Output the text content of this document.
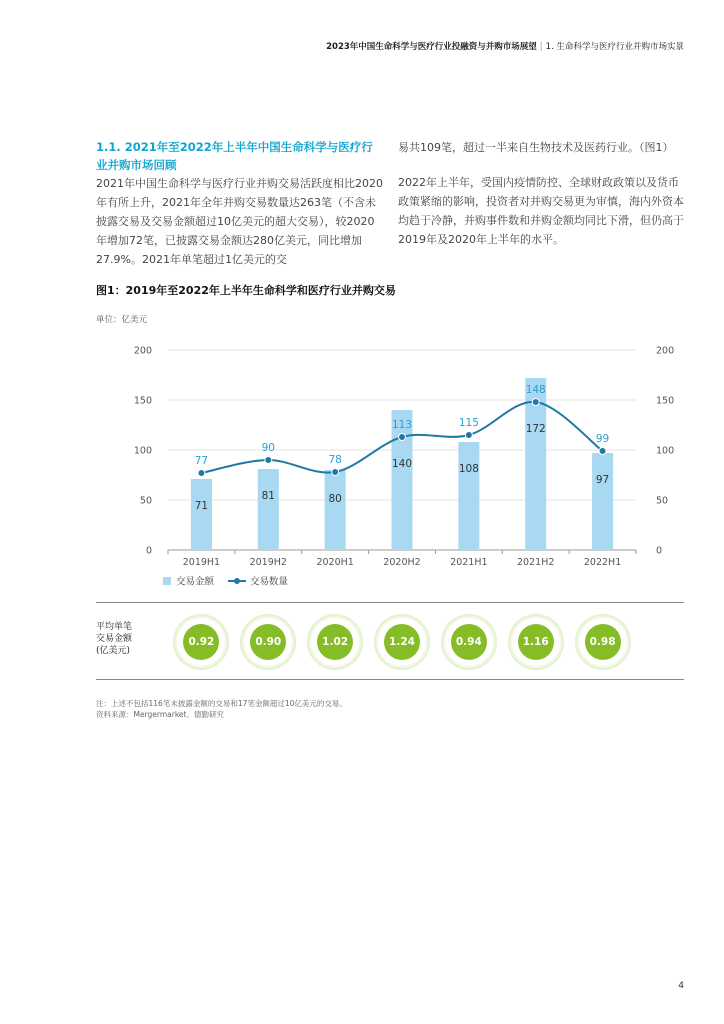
2023年中国生命科学与医疗行业投融资与并购市场展望 | 1. 生命科学与医疗行业并购市场实景
1.1. 2021年至2022年上半年中国生命科学与医疗行业并购市场回顾

2021年中国生命科学与医疗行业并购交易活跃度相比2020年有所上升，2021年全年并购交易数量达263笔（不含未披露交易及交易金额超过10亿美元的超大交易），较2020年增加72笔，已披露交易金额达280亿美元，同比增加27.9%。2021年单笔超过1亿美元的交

易共109笔，超过一半来自生物技术及医药行业。（图1）

2022年上半年，受国内疫情防控、全球财政政策以及货币政策紧缩的影响，投资者对并购交易更为审慎，海内外资本均趋于冷静，并购事件数和并购金额均同比下滑，但仍高于2019年及2020年上半年的水平。

图1：2019年至2022年上半年生命科学和医疗行业并购交易
单位：亿美元
0
50
100
150
200
0
50
100
150
200
2019H1	2019H2	2020H1	2020H2	2021H1	2021H2	2022H1
77
90
78
113	115
148
99
71
81	80
140	108
172
97
交易金额	交易数量
平均单笔
交易金额
(亿美元)
0.92	0.90	1.02	1.24	0.94	1.16	0.98
注：上述不包括116笔未披露金额的交易和17笔金额超过10亿美元的交易。
资料来源：Mergermarket、德勤研究
4
